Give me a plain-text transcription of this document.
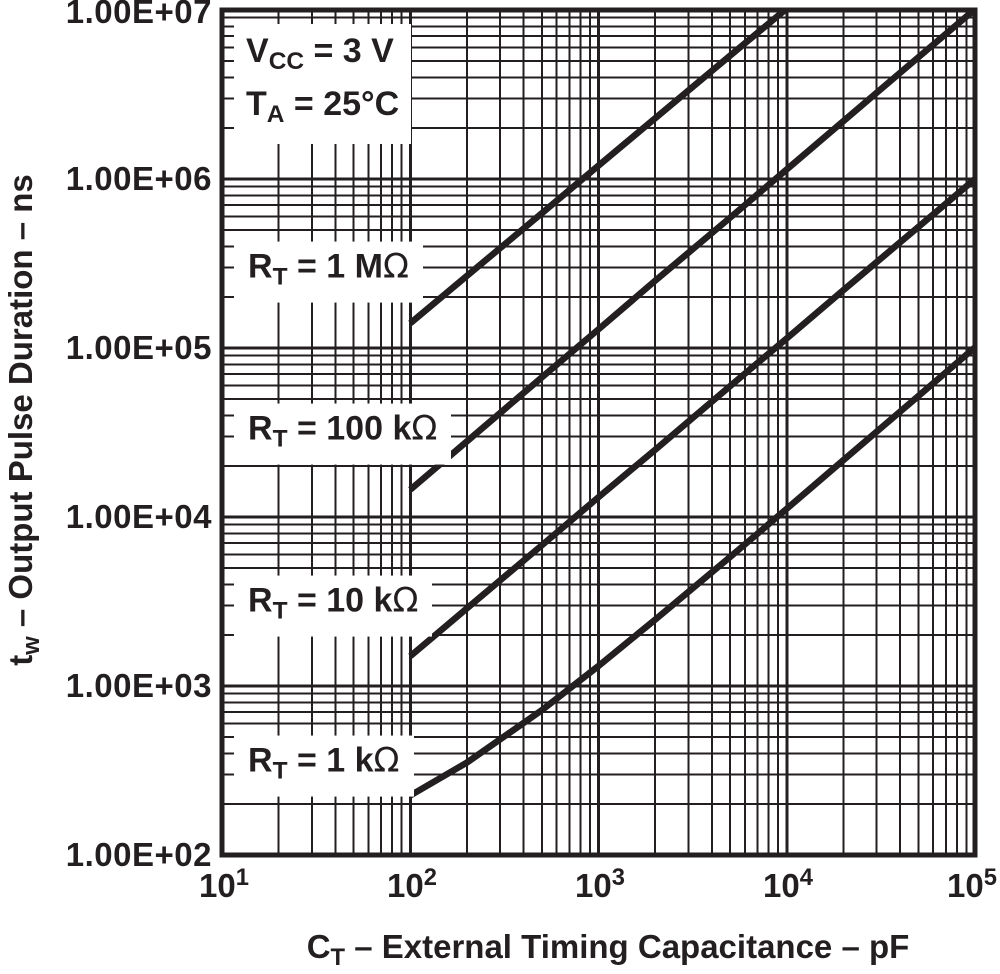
1.00E+07
1.00E+06
1.00E+05
1.00E+04
1.00E+03
1.00E+02
$10^1$	$10^2$	$10^3$	$10^4$	$10^5$
$V_{CC} = 3$ V
$T_A = 25^\circ C$
$R_T = 1$ MΩ
$R_T = 100$ kΩ
$R_T = 10$ kΩ
$R_T = 1$ kΩ
$t_w$ – Output Pulse Duration – ns
$C_T$ – External Timing Capacitance – pF
